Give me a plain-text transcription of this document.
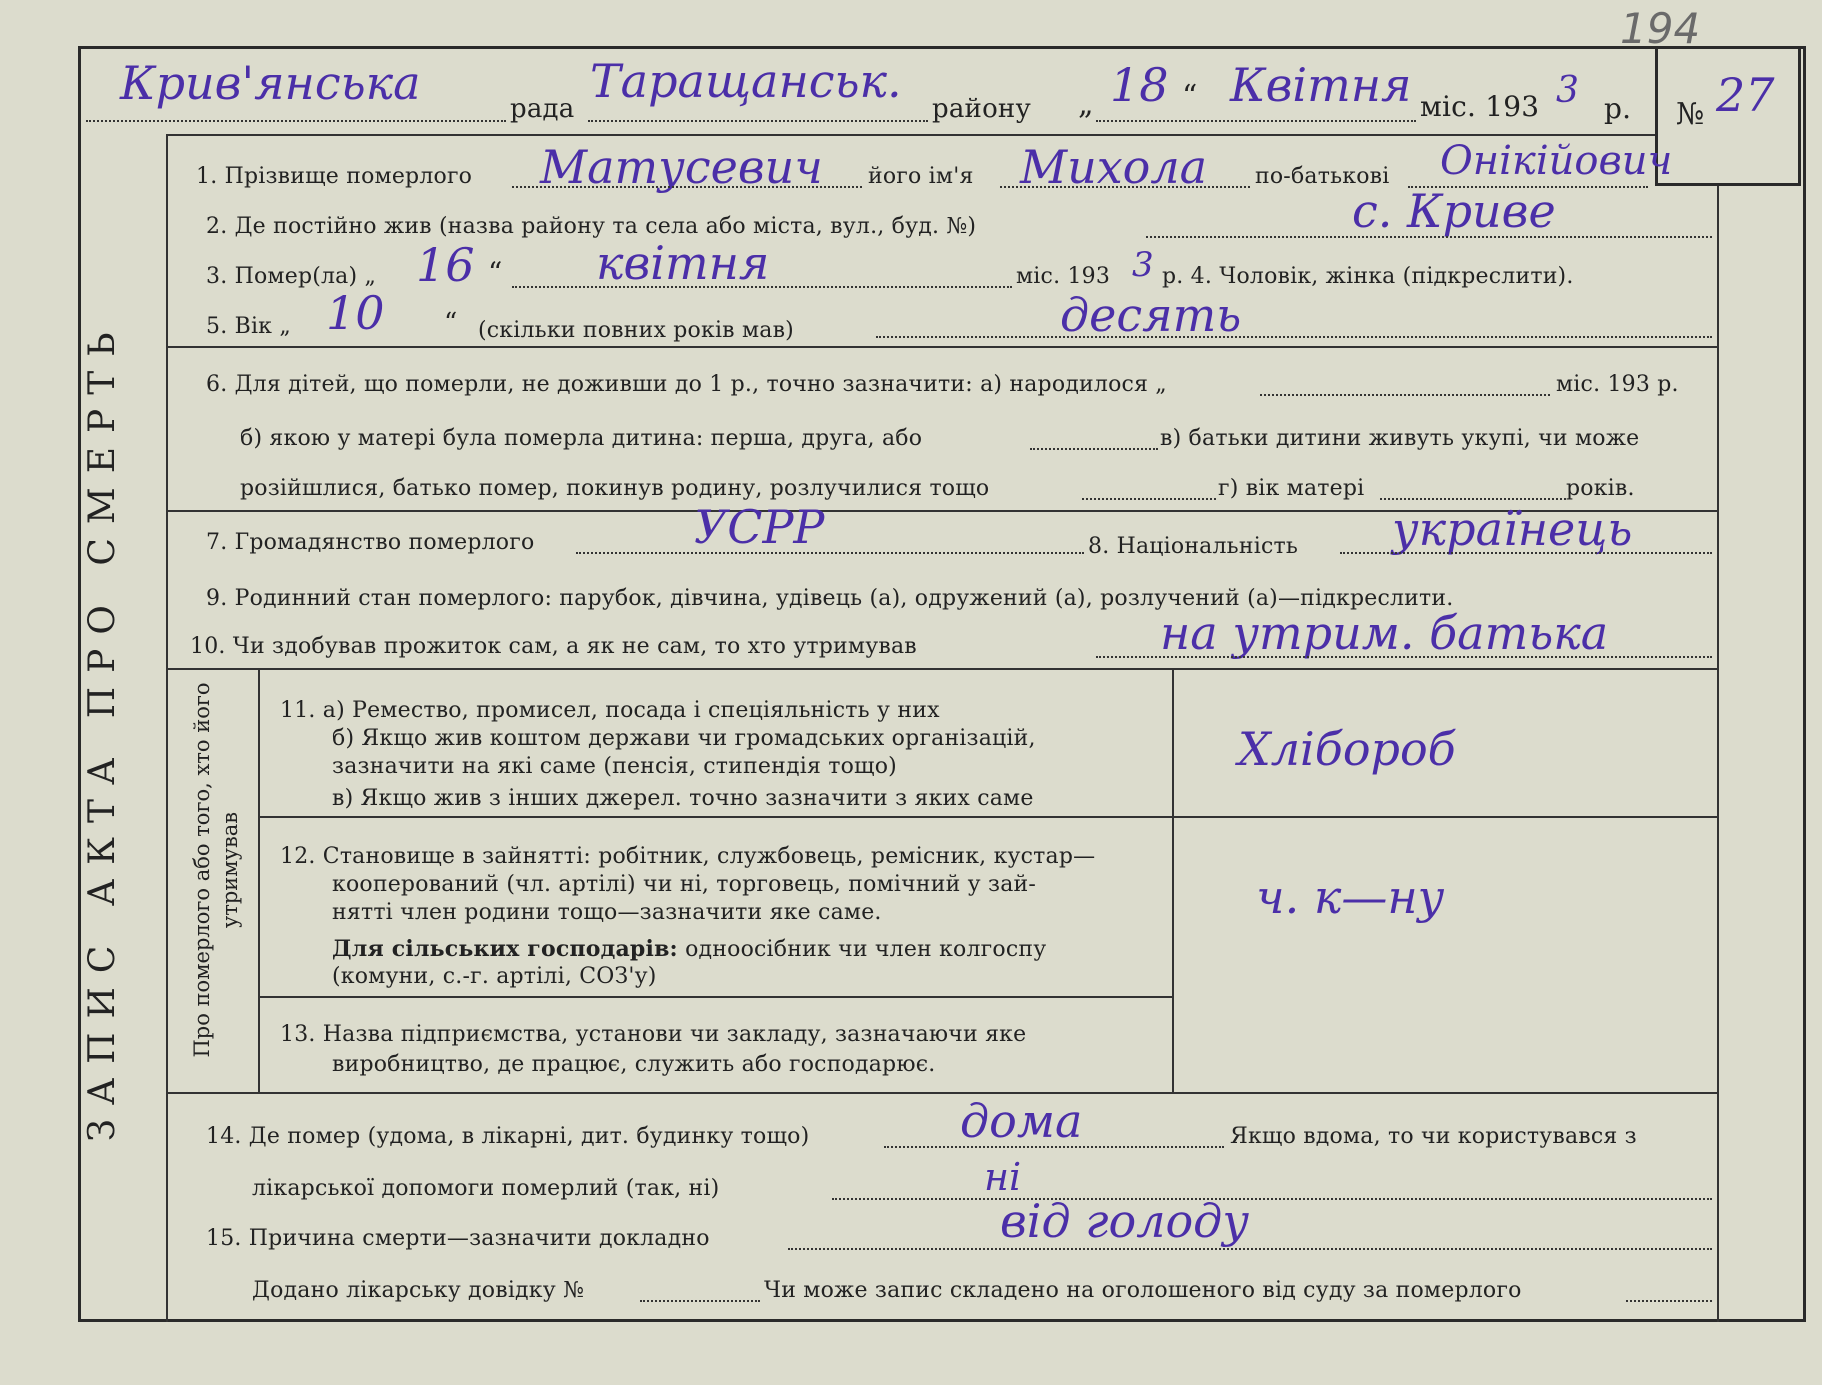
194
Крив'янська	рада
Таращанськ.
району „ 18 “ Квітня міс. 193 3 р. № 27
ЗАПИС АКТА ПРО СМЕРТЬ
1. Прізвище померлого Матусевич його ім'я Михола по-батькові Онікійович
2. Де постійно жив (назва району та села або міста, вул., буд. №)	с. Криве
3. Помер(ла) „ 16 “ квітня	міс. 193 3 р. 4. Чоловік, жінка (підкреслити).
5. Вік „ 10 “ (скільки повних років мав)	десять
6. Для дітей, що померли, не доживши до 1 р., точно зазначити: а) народилося „	міс. 193 р.
б) якою у матері була померла дитина: перша, друга, або	в) батьки дитини живуть укупі, чи може
розійшлися, батько помер, покинув родину, розлучилися тощо	г) вік матері	років.
7. Громадянство померлого	УСРР	8. Національність українець
9. Родинний стан померлого: парубок, дівчина, удівець (а), одружений (а), розлучений (а)—підкреслити.
10. Чи здобував прожиток сам, а як не сам, то хто утримував	на утрим. батька
Про померлого або того, хто його утримував
11. а) Ремество, промисел, посада і спеціяльність у них
б) Якщо жив коштом держави чи громадських організацій,
зазначити на які саме (пенсія, стипендія тощо)
в) Якщо жив з інших джерел. точно зазначити з яких саме
Хлібороб
12. Становище в зайнятті: робітник, службовець, ремісник, кустар—
кооперований (чл. артілі) чи ні, торговець, помічний у зай-
нятті член родини тощо—зазначити яке саме.
Для сільських господарів: одноосібник чи член колгоспу
(комуни, с.-г. артілі, СОЗ'у)
ч. к—ну
13. Назва підприємства, установи чи закладу, зазначаючи яке
виробництво, де працює, служить або господарює.
14. Де помер (удома, в лікарні, дит. будинку тощо)	дома	Якщо вдома, то чи користувався з
лікарської допомоги померлий (так, ні)	ні
15. Причина смерти—зазначити докладно	від голоду
Додано лікарську довідку №	Чи може запис складено на оголошеного від суду за померлого
